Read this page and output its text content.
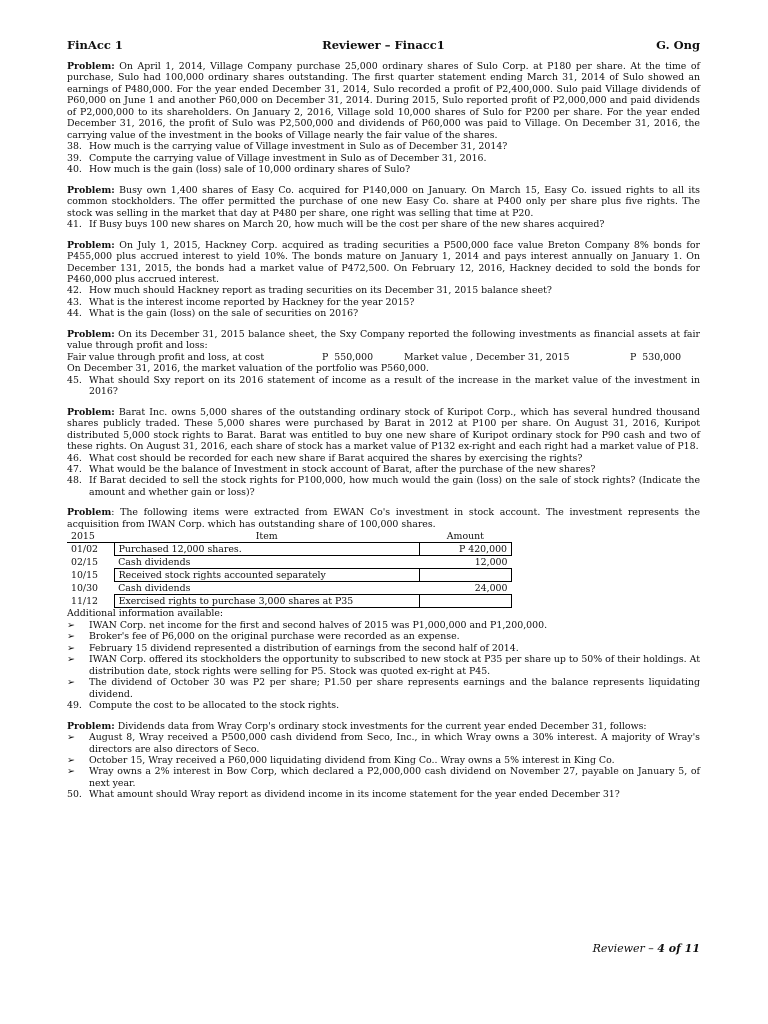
FinAcc 1	Reviewer – Finacc1	G. Ong

Problem: On April 1, 2014, Village Company purchase 25,000 ordinary shares of Sulo Corp. at P180 per share. At the time of purchase, Sulo had 100,000 ordinary shares outstanding. The first quarter statement ending March 31, 2014 of Sulo showed an earnings of P480,000. For the year ended December 31, 2014, Sulo recorded a profit of P2,400,000. Sulo paid Village dividends of P60,000 on June 1 and another P60,000 on December 31, 2014. During 2015, Sulo reported profit of P2,000,000 and paid dividends of P2,000,000 to its shareholders. On January 2, 2016, Village sold 10,000 shares of Sulo for P200 per share. For the year ended December 31, 2016, the profit of Sulo was P2,500,000 and dividends of P60,000 was paid to Village. On December 31, 2016, the carrying value of the investment in the books of Village nearly the fair value of the shares.

38. How much is the carrying value of Village investment in Sulo as of December 31, 2014?
39. Compute the carrying value of Village investment in Sulo as of December 31, 2016.
40. How much is the gain (loss) sale of 10,000 ordinary shares of Sulo?

Problem: Busy own 1,400 shares of Easy Co. acquired for P140,000 on January. On March 15, Easy Co. issued rights to all its common stockholders. The offer permitted the purchase of one new Easy Co. share at P400 only per share plus five rights. The stock was selling in the market that day at P480 per share, one right was selling that time at P20.

41. If Busy buys 100 new shares on March 20, how much will be the cost per share of the new shares acquired?

Problem: On July 1, 2015, Hackney Corp. acquired as trading securities a P500,000 face value Breton Company 8% bonds for P455,000 plus accrued interest to yield 10%. The bonds mature on January 1, 2014 and pays interest annually on January 1. On December 131, 2015, the bonds had a market value of P472,500. On February 12, 2016, Hackney decided to sold the bonds for P460,000 plus accrued interest.

42. How much should Hackney report as trading securities on its December 31, 2015 balance sheet?
43. What is the interest income reported by Hackney for the year 2015?
44. What is the gain (loss) on the sale of securities on 2016?

Problem: On its December 31, 2015 balance sheet, the Sxy Company reported the following investments as financial assets at fair value through profit and loss:

Fair value through profit and loss, at cost	P  550,000	Market value , December 31, 2015	P  530,000

On December 31, 2016, the market valuation of the portfolio was P560,000.

45. What should Sxy report on its 2016 statement of income as a result of the increase in the market value of the investment in 2016?

Problem: Barat Inc. owns 5,000 shares of the outstanding ordinary stock of Kuripot Corp., which has several hundred thousand shares publicly traded. These 5,000 shares were purchased by Barat in 2012 at P100 per share. On August 31, 2016, Kuripot distributed 5,000 stock rights to Barat. Barat was entitled to buy one new share of Kuripot ordinary stock for P90 cash and two of these rights. On August 31, 2016, each share of stock has a market value of P132 ex-right and each right had a market value of P18.

46. What cost should be recorded for each new share if Barat acquired the shares by exercising the rights?
47. What would be the balance of Investment in stock account of Barat, after the purchase of the new shares?
48. If Barat decided to sell the stock rights for P100,000, how much would the gain (loss) on the sale of stock rights? (Indicate the amount and whether gain or loss)?

Problem: The following items were extracted from EWAN Co's investment in stock account. The investment represents the acquisition from IWAN Corp. which has outstanding share of 100,000 shares.

2015	Item	Amount
01/02	Purchased 12,000 shares.	P 420,000
02/15	Cash dividends	12,000
10/15	Received stock rights accounted separately	
10/30	Cash dividends	24,000
11/12	Exercised rights to purchase 3,000 shares at P35	

Additional information available:

➢	IWAN Corp. net income for the first and second halves of 2015 was P1,000,000 and P1,200,000.
➢	Broker's fee of P6,000 on the original purchase were recorded as an expense.
➢	February 15 dividend represented a distribution of earnings from the second half of 2014.
➢	IWAN Corp. offered its stockholders the opportunity to subscribed to new stock at P35 per share up to 50% of their holdings. At distribution date, stock rights were selling for P5. Stock was quoted ex-right at P45.
➢	The dividend of October 30 was P2 per share; P1.50 per share represents earnings and the balance represents liquidating dividend.
49. Compute the cost to be allocated to the stock rights.

Problem: Dividends data from Wray Corp's ordinary stock investments for the current year ended December 31, follows:

➢	August 8, Wray received a P500,000 cash dividend from Seco, Inc., in which Wray owns a 30% interest. A majority of Wray's directors are also directors of Seco.
➢	October 15, Wray received a P60,000 liquidating dividend from King Co.. Wray owns a 5% interest in King Co.
➢	Wray owns a 2% interest in Bow Corp, which declared a P2,000,000 cash dividend on November 27, payable on January 5, of next year.
50. What amount should Wray report as dividend income in its income statement for the year ended December 31?
Reviewer – 4 of 11
